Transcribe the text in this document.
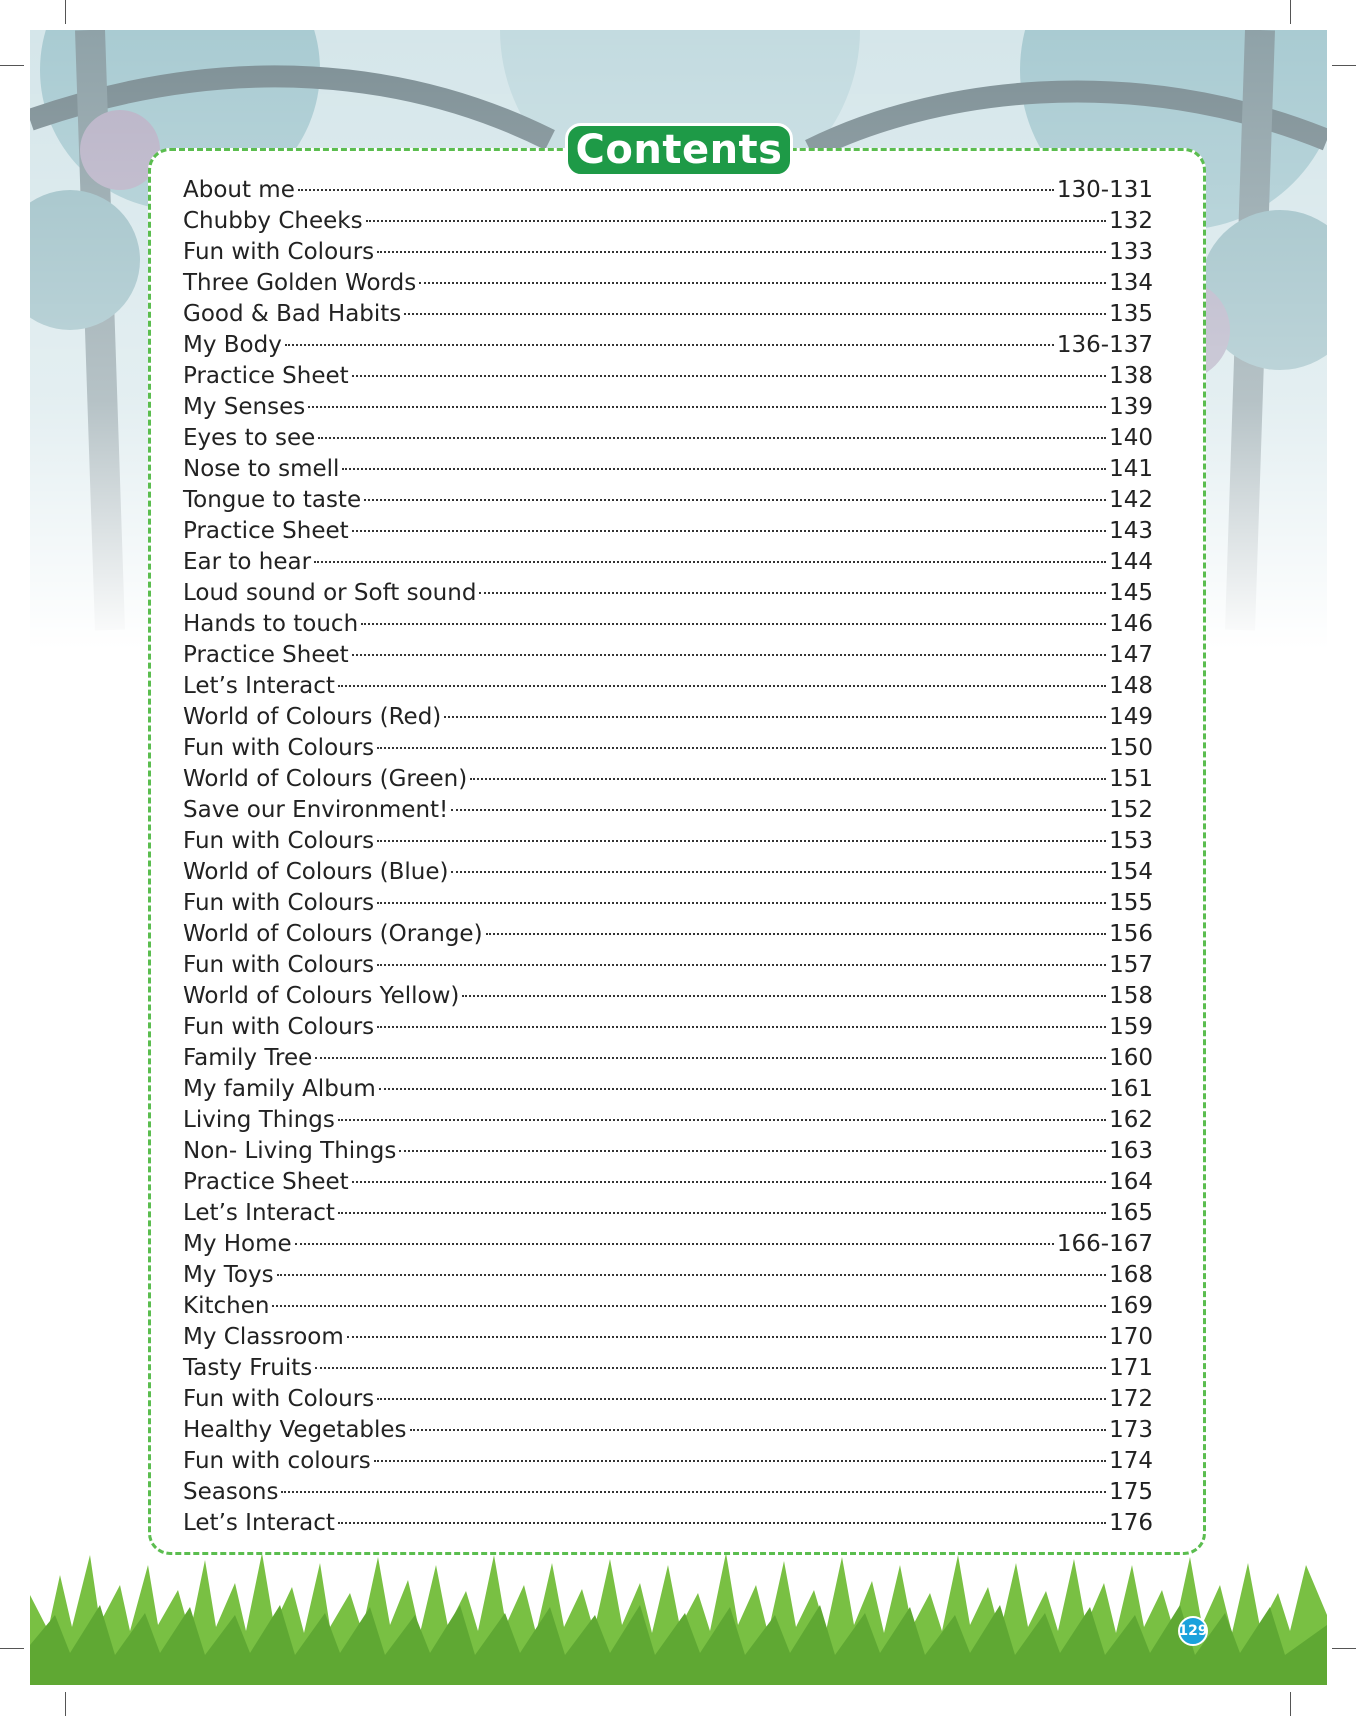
Contents
About me	130-131
Chubby Cheeks	132
Fun with Colours	133
Three Golden Words	134
Good & Bad Habits	135
My Body	136-137
Practice Sheet	138
My Senses	139
Eyes to see	140
Nose to smell	141
Tongue to taste	142
Practice Sheet	143
Ear to hear	144
Loud sound or Soft sound	145
Hands to touch	146
Practice Sheet	147
Let’s Interact	148
World of Colours (Red)	149
Fun with Colours	150
World of Colours (Green)	151
Save our Environment!	152
Fun with Colours	153
World of Colours (Blue)	154
Fun with Colours	155
World of Colours (Orange)	156
Fun with Colours	157
World of Colours Yellow)	158
Fun with Colours	159
Family Tree	160
My family Album	161
Living Things	162
Non- Living Things	163
Practice Sheet	164
Let’s Interact	165
My Home	166-167
My Toys	168
Kitchen	169
My Classroom	170
Tasty Fruits	171
Fun with Colours	172
Healthy Vegetables	173
Fun with colours	174
Seasons	175
Let’s Interact	176
129
